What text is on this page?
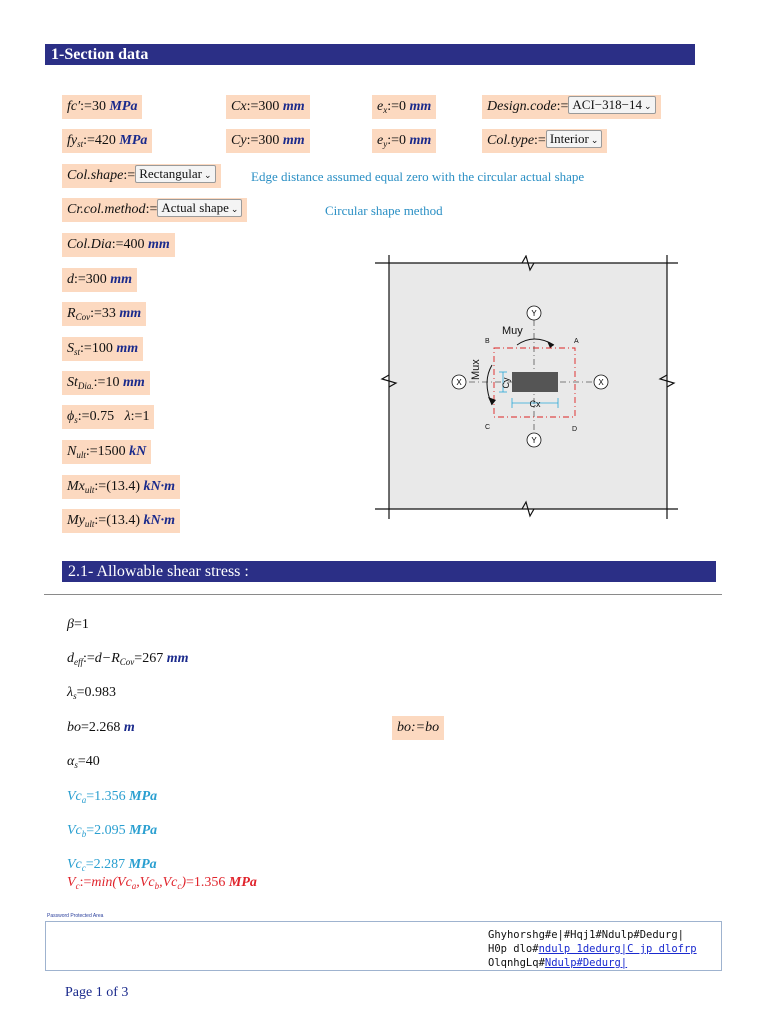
1-Section data
fc′:=30 MPa	Cx:=300 mm	$e_x:=0$ mm	Design.code:= ACI−318−14 ⌄
$fy_{st}:=420$ MPa	Cy:=300 mm	$e_y:=0$ mm	Col.type:= Interior ⌄
Col.shape:= Rectangular ⌄	Edge distance assumed equal zero with the circular actual shape
Cr.col.method:= Actual shape ⌄	Circular shape method
Col.Dia:=400 mm
d:=300 mm
$R_{Cov}:=33$ mm
$S_{st}:=100$ mm
$St_{Dia.}:=10$ mm
$\phi_s:=0.75$ λ:=1
$N_{ult}:=1500$ kN
$Mx_{ult}:=(13.4)$ kN·m
$My_{ult}:=(13.4)$ kN·m
X	X
Y
Y
Cx
Cy
Muy
Mux
A
B
C	D
2.1- Allowable shear stress :
β=1
$d_{eff}:=d-R_{Cov}=267$ mm
$\lambda_s=0.983$
bo=2.268 m	bo:=bo
$\alpha_s=40$
$Vc_a=1.356$ MPa
$Vc_b=2.095$ MPa
$Vc_c=2.287$ MPa
$V_c:=\min(Vc_a,Vc_b,Vc_c)=1.356$ MPa
Password Protected Area
Ghyhorshg#e|#Hqj1#Ndulp#Dedurg|
H0p dlo#ndulp 1dedurg|C jp dlofrp
OlqnhgLq#Ndulp#Dedurg|
Page 1 of 3
